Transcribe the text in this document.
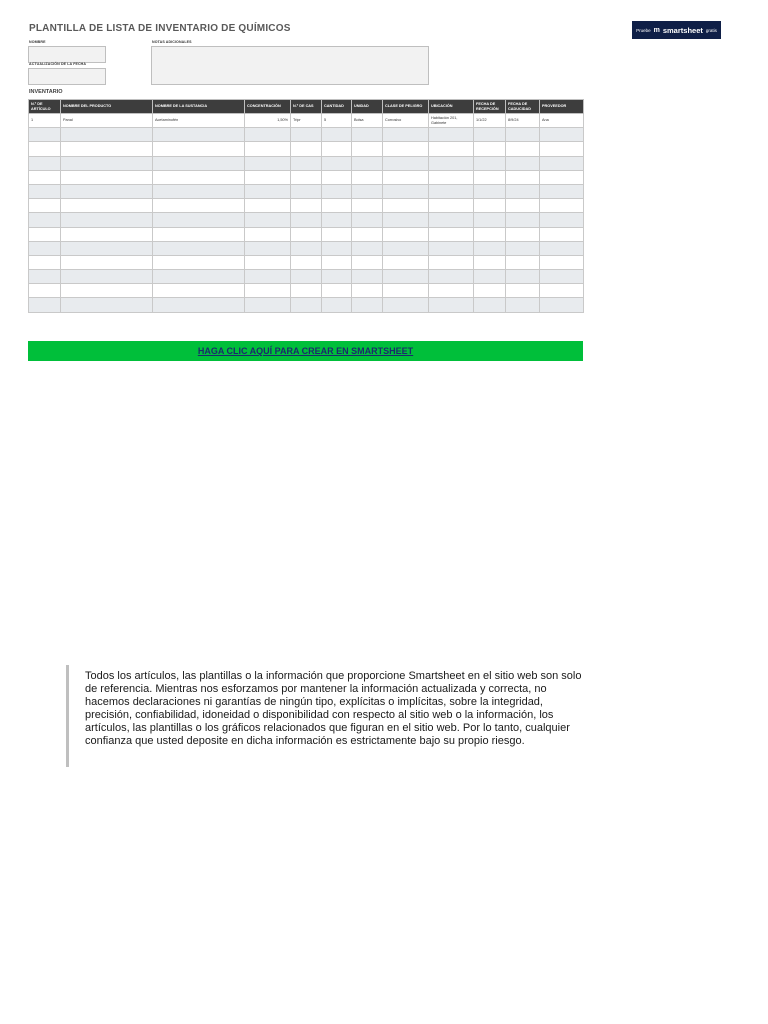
PLANTILLA DE LISTA DE INVENTARIO DE QUÍMICOS	Pruebe m smartsheet gratis
NOMBRE
ACTUALIZACIÓN DE LA FECHA
NOTAS ADICIONALES
INVENTARIO
N.º DE ARTÍCULO	NOMBRE DEL PRODUCTO	NOMBRE DE LA SUSTANCIA	CONCENTRACIÓN	N.º DE CAS	CANTIDAD	UNIDAD	CLASE DE PELIGRO	UBICACIÓN	FECHA DE RECEPCIÓN	FECHA DE CADUCIDAD	PROVEEDOR
1	Panal	Acetaminofén	1,50%	Tripr	5	Bolsa	Corrosivo	Habitación 201, Gabinete	1/1/22	8/9/24	Ana

HAGA CLIC AQUÍ PARA CREAR EN SMARTSHEET
Todos los artículos, las plantillas o la información que proporcione Smartsheet en el sitio web son solo de referencia. Mientras nos esforzamos por mantener la información actualizada y correcta, no hacemos declaraciones ni garantías de ningún tipo, explícitas o implícitas, sobre la integridad, precisión, confiabilidad, idoneidad o disponibilidad con respecto al sitio web o la información, los artículos, las plantillas o los gráficos relacionados que figuran en el sitio web. Por lo tanto, cualquier confianza que usted deposite en dicha información es estrictamente bajo su propio riesgo.
